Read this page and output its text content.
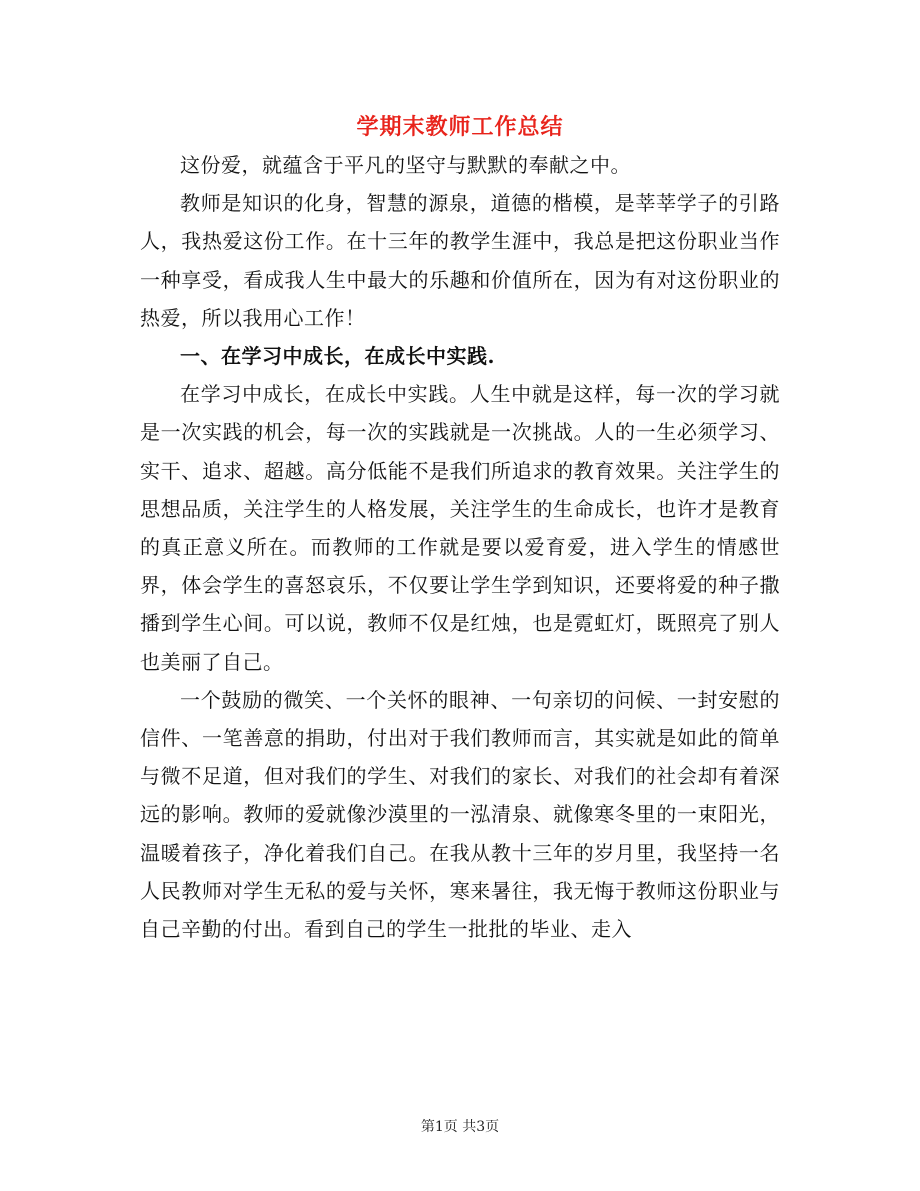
学期末教师工作总结

这份爱，就蕴含于平凡的坚守与默默的奉献之中。

教师是知识的化身，智慧的源泉，道德的楷模，是莘莘学子的引路人，我热爱这份工作。在十三年的教学生涯中，我总是把这份职业当作一种享受，看成我人生中最大的乐趣和价值所在，因为有对这份职业的热爱，所以我用心工作！

一、在学习中成长，在成长中实践.

在学习中成长，在成长中实践。人生中就是这样，每一次的学习就是一次实践的机会，每一次的实践就是一次挑战。人的一生必须学习、实干、追求、超越。高分低能不是我们所追求的教育效果。关注学生的思想品质，关注学生的人格发展，关注学生的生命成长，也许才是教育的真正意义所在。而教师的工作就是要以爱育爱，进入学生的情感世界，体会学生的喜怒哀乐，不仅要让学生学到知识，还要将爱的种子撒播到学生心间。可以说，教师不仅是红烛，也是霓虹灯，既照亮了别人也美丽了自己。

一个鼓励的微笑、一个关怀的眼神、一句亲切的问候、一封安慰的信件、一笔善意的捐助，付出对于我们教师而言，其实就是如此的简单与微不足道，但对我们的学生、对我们的家长、对我们的社会却有着深远的影响。教师的爱就像沙漠里的一泓清泉、就像寒冬里的一束阳光，温暖着孩子，净化着我们自己。在我从教十三年的岁月里，我坚持一名人民教师对学生无私的爱与关怀，寒来暑往，我无悔于教师这份职业与自己辛勤的付出。看到自己的学生一批批的毕业、走入

第1页 共3页
